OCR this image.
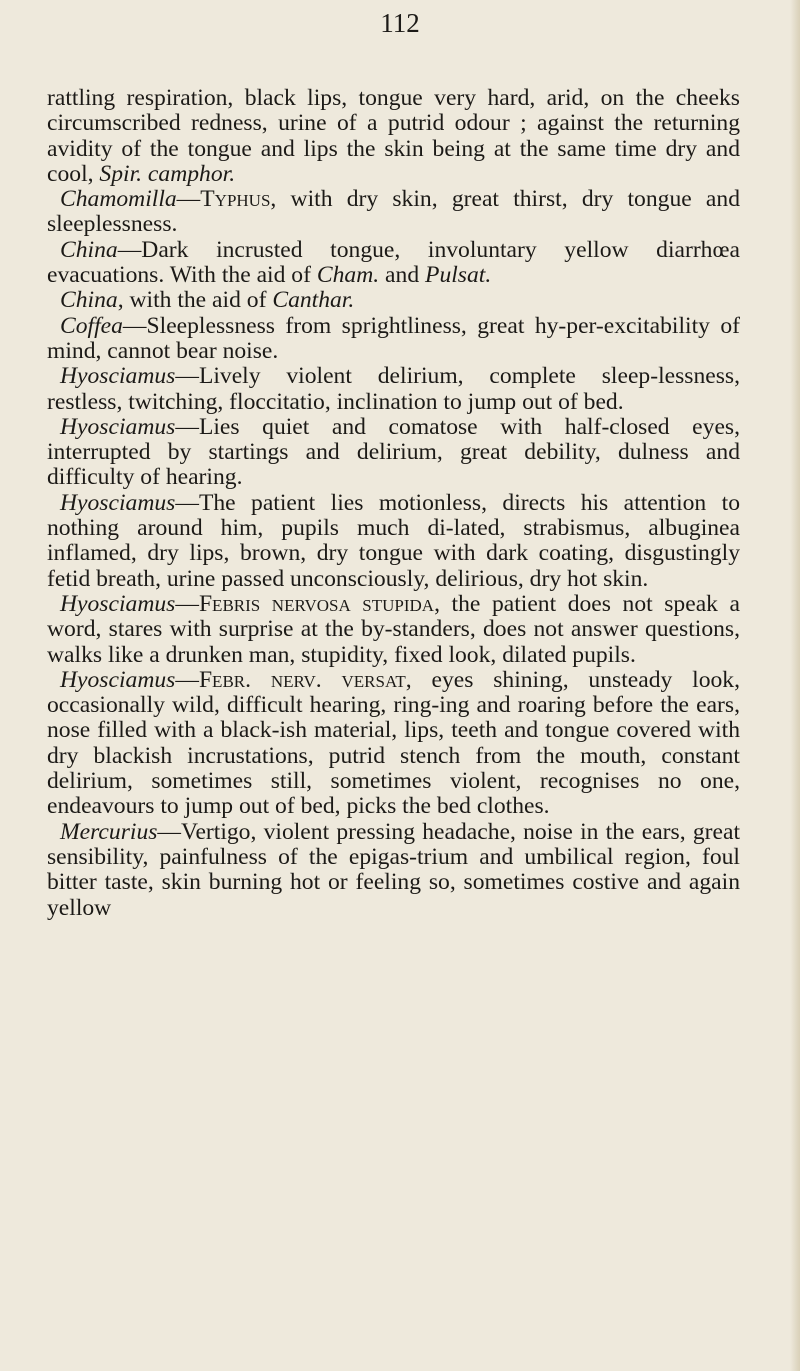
112

rattling respiration, black lips, tongue very hard, arid, on the cheeks circumscribed redness, urine of a putrid odour ; against the returning avidity of the tongue and lips the skin being at the same time dry and cool, Spir. camphor.

Chamomilla—Typhus, with dry skin, great thirst, dry tongue and sleeplessness.

China—Dark incrusted tongue, involuntary yellow diarrhœa evacuations. With the aid of Cham. and Pulsat.

China, with the aid of Canthar.

Coffea—Sleeplessness from sprightliness, great hy-per-excitability of mind, cannot bear noise.

Hyosciamus—Lively violent delirium, complete sleep-lessness, restless, twitching, floccitatio, inclination to jump out of bed.

Hyosciamus—Lies quiet and comatose with half-closed eyes, interrupted by startings and delirium, great debility, dulness and difficulty of hearing.

Hyosciamus—The patient lies motionless, directs his attention to nothing around him, pupils much di-lated, strabismus, albuginea inflamed, dry lips, brown, dry tongue with dark coating, disgustingly fetid breath, urine passed unconsciously, delirious, dry hot skin.

Hyosciamus—Febris nervosa stupida, the patient does not speak a word, stares with surprise at the by-standers, does not answer questions, walks like a drunken man, stupidity, fixed look, dilated pupils.

Hyosciamus—Febr. nerv. versat, eyes shining, unsteady look, occasionally wild, difficult hearing, ring-ing and roaring before the ears, nose filled with a black-ish material, lips, teeth and tongue covered with dry blackish incrustations, putrid stench from the mouth, constant delirium, sometimes still, sometimes violent, recognises no one, endeavours to jump out of bed, picks the bed clothes.

Mercurius—Vertigo, violent pressing headache, noise in the ears, great sensibility, painfulness of the epigas-trium and umbilical region, foul bitter taste, skin burning hot or feeling so, sometimes costive and again yellow
